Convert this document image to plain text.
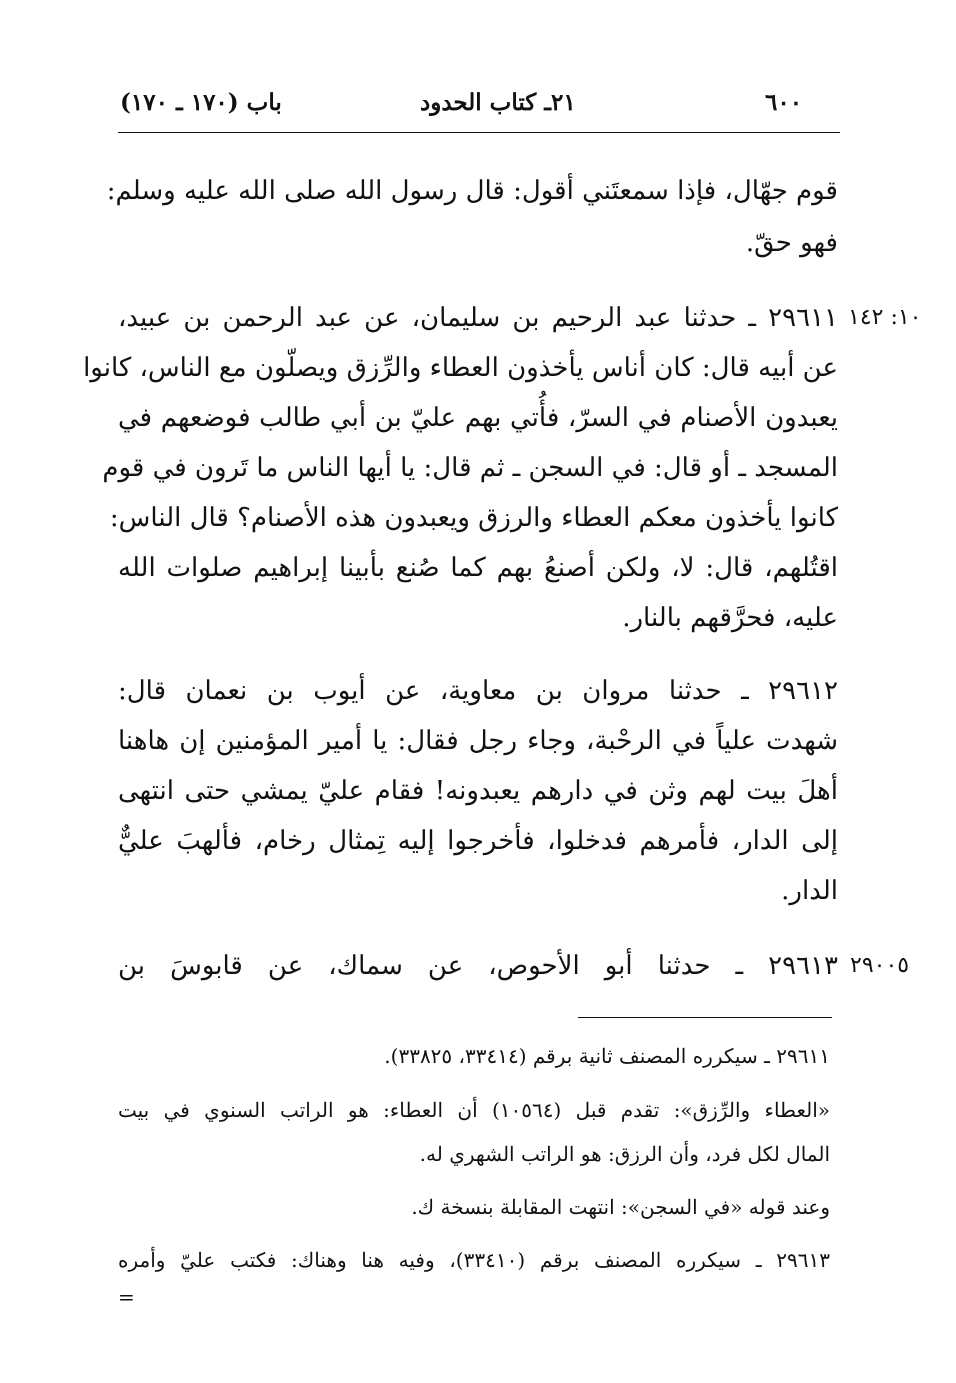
٦٠٠
٢١ـ كتاب الحدود
باب (١٧٠ ـ ١٧٠)
قوم جهّال، فإذا سمعتَني أقول: قال رسول الله صلى الله عليه وسلم:
فهو حقّ.
٢٩٦١١ ـ حدثنا عبد الرحيم بن سليمان، عن عبد الرحمن بن عبيد،
عن أبيه قال: كان أناس يأخذون العطاء والرِّزق ويصلّون مع الناس، كانوا
يعبدون الأصنام في السرّ، فأُتي بهم عليّ بن أبي طالب فوضعهم في
المسجد ـ أو قال: في السجن ـ ثم قال: يا أيها الناس ما تَرون في قوم
كانوا يأخذون معكم العطاء والرزق ويعبدون هذه الأصنام؟ قال الناس:
اقتُلهم، قال: لا، ولكن أصنعُ بهم كما صُنع بأبينا إبراهيم صلوات الله
عليه، فحرَّقهم بالنار.
٢٩٦١٢ ـ حدثنا مروان بن معاوية، عن أيوب بن نعمان قال:
شهدت علياً في الرحْبة، وجاء رجل فقال: يا أمير المؤمنين إن هاهنا
أهلَ بيت لهم وثن في دارهم يعبدونه! فقام عليّ يمشي حتى انتهى
إلى الدار، فأمرهم فدخلوا، فأخرجوا إليه تِمثال رخام، فألهبَ عليٌّ
الدار.
٢٩٦١٣ ـ حدثنا أبو الأحوص، عن سماك، عن قابوسَ بن
١٠: ١٤٢
٢٩٠٠٥
٢٩٦١١ ـ سيكرره المصنف ثانية برقم (٣٣٤١٤، ٣٣٨٢٥).
«العطاء والرِّزق»: تقدم قبل (١٠٥٦٤) أن العطاء: هو الراتب السنوي في بيت
المال لكل فرد، وأن الرزق: هو الراتب الشهري له.
وعند قوله «في السجن»: انتهت المقابلة بنسخة ك.
٢٩٦١٣ ـ سيكرره المصنف برقم (٣٣٤١٠)، وفيه هنا وهناك: فكتب عليّ وأمره
=
